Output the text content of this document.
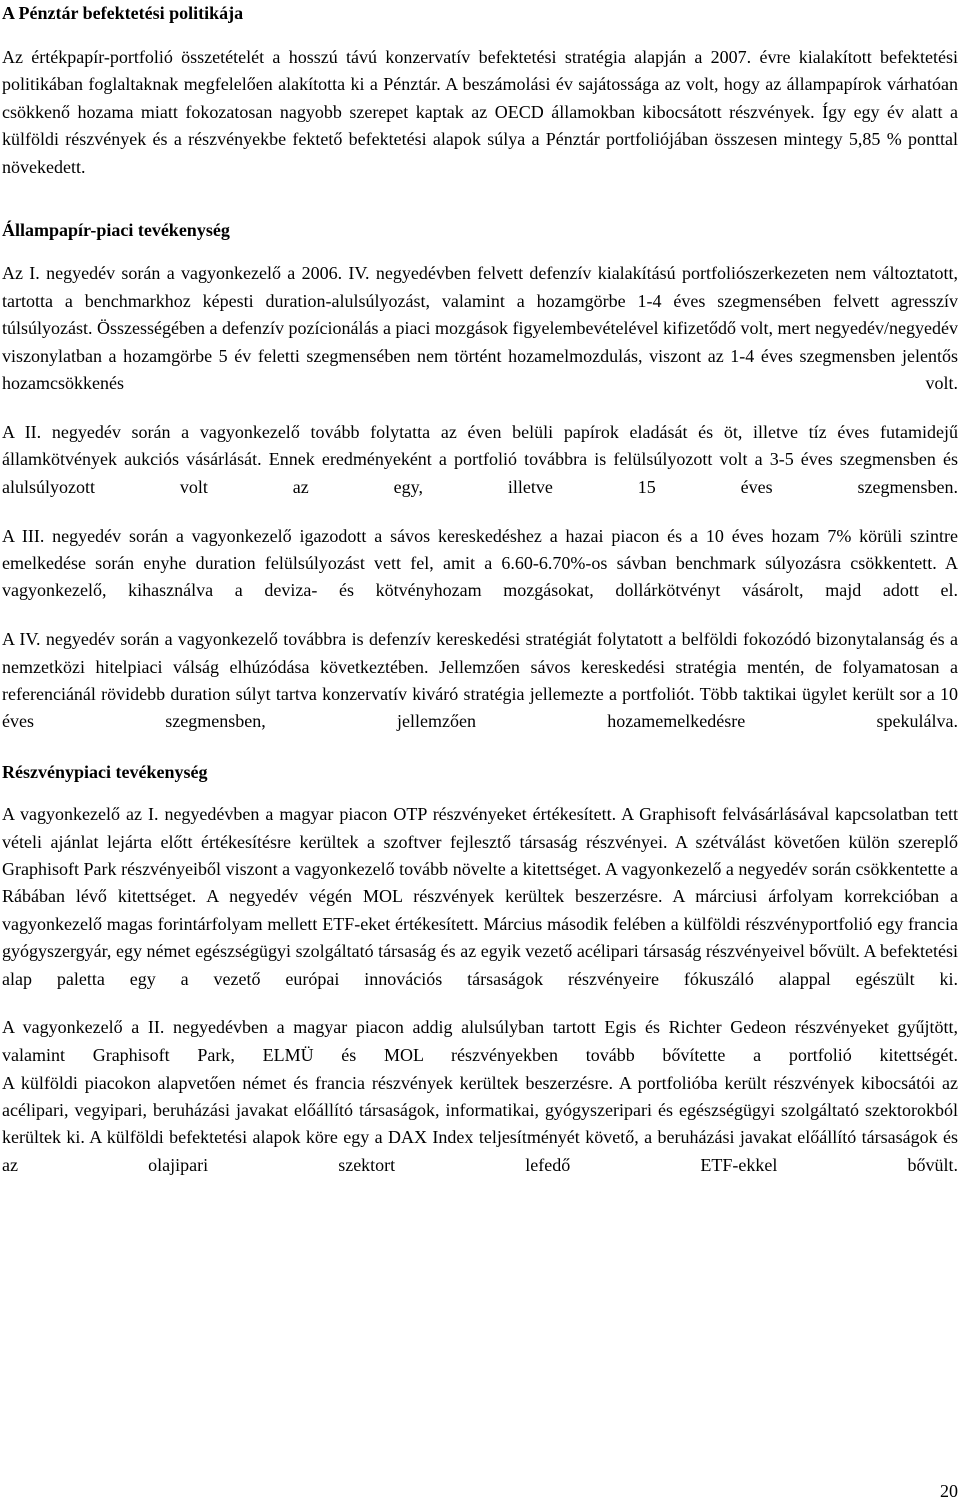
A Pénztár befektetési politikája

Az értékpapír-portfolió összetételét a hosszú távú konzervatív befektetési stratégia alapján a 2007. évre kialakított befektetési politikában foglaltaknak megfelelően alakította ki a Pénztár. A beszámolási év sajátossága az volt, hogy az állampapírok várhatóan csökkenő hozama miatt fokozatosan nagyobb szerepet kaptak az OECD államokban kibocsátott részvények. Így egy év alatt a külföldi részvények és a részvényekbe fektető befektetési alapok súlya a Pénztár portfoliójában összesen mintegy 5,85 % ponttal növekedett.

Állampapír-piaci tevékenység

Az I. negyedév során a vagyonkezelő a 2006. IV. negyedévben felvett defenzív kialakítású portfoliószerkezeten nem változtatott, tartotta a benchmarkhoz képesti duration-alulsúlyozást, valamint a hozamgörbe 1-4 éves szegmensében felvett agresszív túlsúlyozást. Összességében a defenzív pozícionálás a piaci mozgások figyelembevételével kifizetődő volt, mert negyedév/negyedév viszonylatban a hozamgörbe 5 év feletti szegmensében nem történt hozamelmozdulás, viszont az 1-4 éves szegmensben jelentős hozamcsökkenés volt.

A II. negyedév során a vagyonkezelő tovább folytatta az éven belüli papírok eladását és öt, illetve tíz éves futamidejű államkötvények aukciós vásárlását. Ennek eredményeként a portfolió továbbra is felülsúlyozott volt a 3-5 éves szegmensben és alulsúlyozott volt az egy, illetve 15 éves szegmensben.

A III. negyedév során a vagyonkezelő igazodott a sávos kereskedéshez a hazai piacon és a 10 éves hozam 7% körüli szintre emelkedése során enyhe duration felülsúlyozást vett fel, amit a 6.60-6.70%-os sávban benchmark súlyozásra csökkentett. A vagyonkezelő, kihasználva a deviza- és kötvényhozam mozgásokat, dollárkötvényt vásárolt, majd adott el.

A IV. negyedév során a vagyonkezelő továbbra is defenzív kereskedési stratégiát folytatott a belföldi fokozódó bizonytalanság és a nemzetközi hitelpiaci válság elhúzódása következtében. Jellemzően sávos kereskedési stratégia mentén, de folyamatosan a referenciánál rövidebb duration súlyt tartva konzervatív kiváró stratégia jellemezte a portfoliót. Több taktikai ügylet került sor a 10 éves szegmensben, jellemzően hozamemelkedésre spekulálva.

Részvénypiaci tevékenység

A vagyonkezelő az I. negyedévben a magyar piacon OTP részvényeket értékesített. A Graphisoft felvásárlásával kapcsolatban tett vételi ajánlat lejárta előtt értékesítésre kerültek a szoftver fejlesztő társaság részvényei. A szétválást követően külön szereplő Graphisoft Park részvényeiből viszont a vagyonkezelő tovább növelte a kitettséget. A vagyonkezelő a negyedév során csökkentette a Rábában lévő kitettséget. A negyedév végén MOL részvények kerültek beszerzésre. A márciusi árfolyam korrekcióban a vagyonkezelő magas forintárfolyam mellett ETF-eket értékesített. Március második felében a külföldi részvényportfolió egy francia gyógyszergyár, egy német egészségügyi szolgáltató társaság és az egyik vezető acélipari társaság részvényeivel bővült. A befektetési alap paletta egy a vezető európai innovációs társaságok részvényeire fókuszáló alappal egészült ki.

A vagyonkezelő a II. negyedévben a magyar piacon addig alulsúlyban tartott Egis és Richter Gedeon részvényeket gyűjtött, valamint Graphisoft Park, ELMÜ és MOL részvényekben tovább bővítette a portfolió kitettségét.

A külföldi piacokon alapvetően német és francia részvények kerültek beszerzésre. A portfolióba került részvények kibocsátói az acélipari, vegyipari, beruházási javakat előállító társaságok, informatikai, gyógyszeripari és egészségügyi szolgáltató szektorokból kerültek ki. A külföldi befektetési alapok köre egy a DAX Index teljesítményét követő, a beruházási javakat előállító társaságok és az olajipari szektort lefedő ETF-ekkel bővült.

20
